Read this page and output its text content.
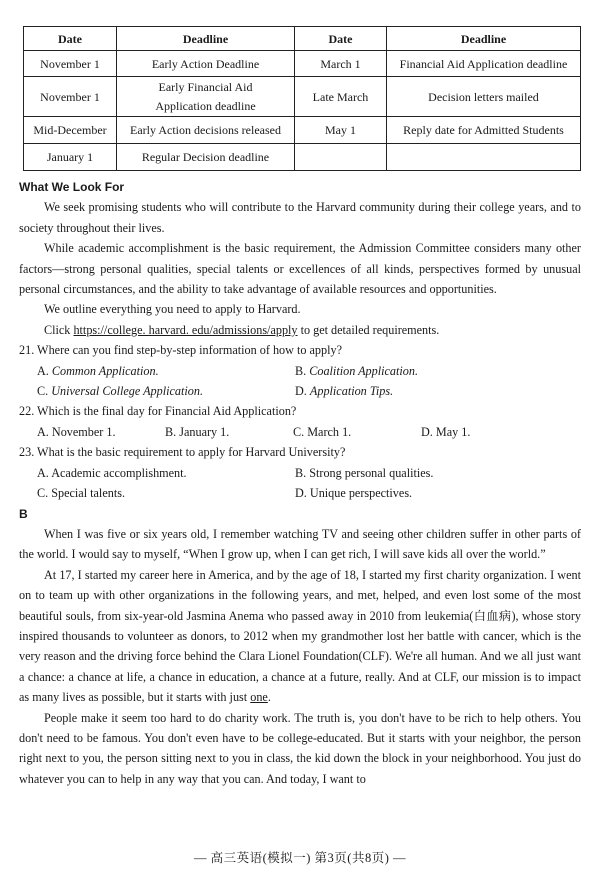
Date	Deadline	Date	Deadline
November 1	Early Action Deadline	March 1	Financial Aid Application deadline
November 1	Early Financial Aid Application deadline	Late March	Decision letters mailed
Mid-December	Early Action decisions released	May 1	Reply date for Admitted Students
January 1	Regular Decision deadline		

What We Look For

We seek promising students who will contribute to the Harvard community during their college years, and to society throughout their lives.

While academic accomplishment is the basic requirement, the Admission Committee considers many other factors—strong personal qualities, special talents or excellences of all kinds, perspectives formed by unusual personal circumstances, and the ability to take advantage of available resources and opportunities.

We outline everything you need to apply to Harvard.

Click https://college. harvard. edu/admissions/apply to get detailed requirements.

21. Where can you find step-by-step information of how to apply?

A. Common Application.	B. Coalition Application.
C. Universal College Application.	D. Application Tips.

22. Which is the final day for Financial Aid Application?

A. November 1.	B. January 1.	C. March 1.	D. May 1.

23. What is the basic requirement to apply for Harvard University?

A. Academic accomplishment.	B. Strong personal qualities.
C. Special talents.	D. Unique perspectives.

B

When I was five or six years old, I remember watching TV and seeing other children suffer in other parts of the world. I would say to myself, “When I grow up, when I can get rich, I will save kids all over the world.”

At 17, I started my career here in America, and by the age of 18, I started my first charity organization. I went on to team up with other organizations in the following years, and met, helped, and even lost some of the most beautiful souls, from six-year-old Jasmina Anema who passed away in 2010 from leukemia(白血病), whose story inspired thousands to volunteer as donors, to 2012 when my grandmother lost her battle with cancer, which is the very reason and the driving force behind the Clara Lionel Foundation(CLF). We're all human. And we all just want a chance: a chance at life, a chance in education, a chance at a future, really. And at CLF, our mission is to impact as many lives as possible, but it starts with just one.

People make it seem too hard to do charity work. The truth is, you don't have to be rich to help others. You don't need to be famous. You don't even have to be college-educated. But it starts with your neighbor, the person right next to you, the person sitting next to you in class, the kid down the block in your neighborhood. You just do whatever you can to help in any way that you can. And today, I want to

— 高三英语(模拟一) 第3页(共8页) —
